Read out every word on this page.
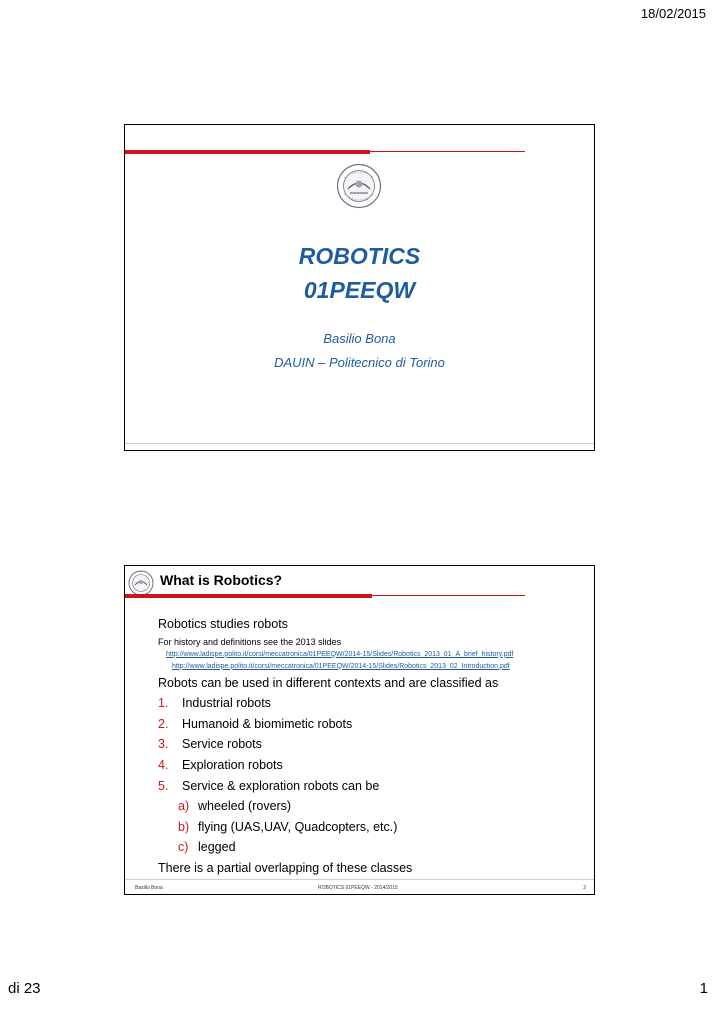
18/02/2015
ROBOTICS
01PEEQW
Basilio Bona
DAUIN – Politecnico di Torino
What is Robotics?
Robotics studies robots
For history and definitions see the 2013 slides
http://www.ladispe.polito.it/corsi/meccatronica/01PEEQW/2014-15/Slides/Robotics_2013_01_A_brief_history.pdf
http://www.ladispe.polito.it/corsi/meccatronica/01PEEQW/2014-15/Slides/Robotics_2013_02_Introduction.pdf
Robots can be used in different contexts and are classified as
1. Industrial robots
2. Humanoid & biomimetic robots
3. Service robots
4. Exploration robots
5. Service & exploration robots can be
a) wheeled (rovers)
b) flying (UAS,UAV, Quadcopters, etc.)
c) legged
There is a partial overlapping of these classes
Basilio Bona	ROBOTICS 01PEEQW - 2014/2015	2
di 23	1
